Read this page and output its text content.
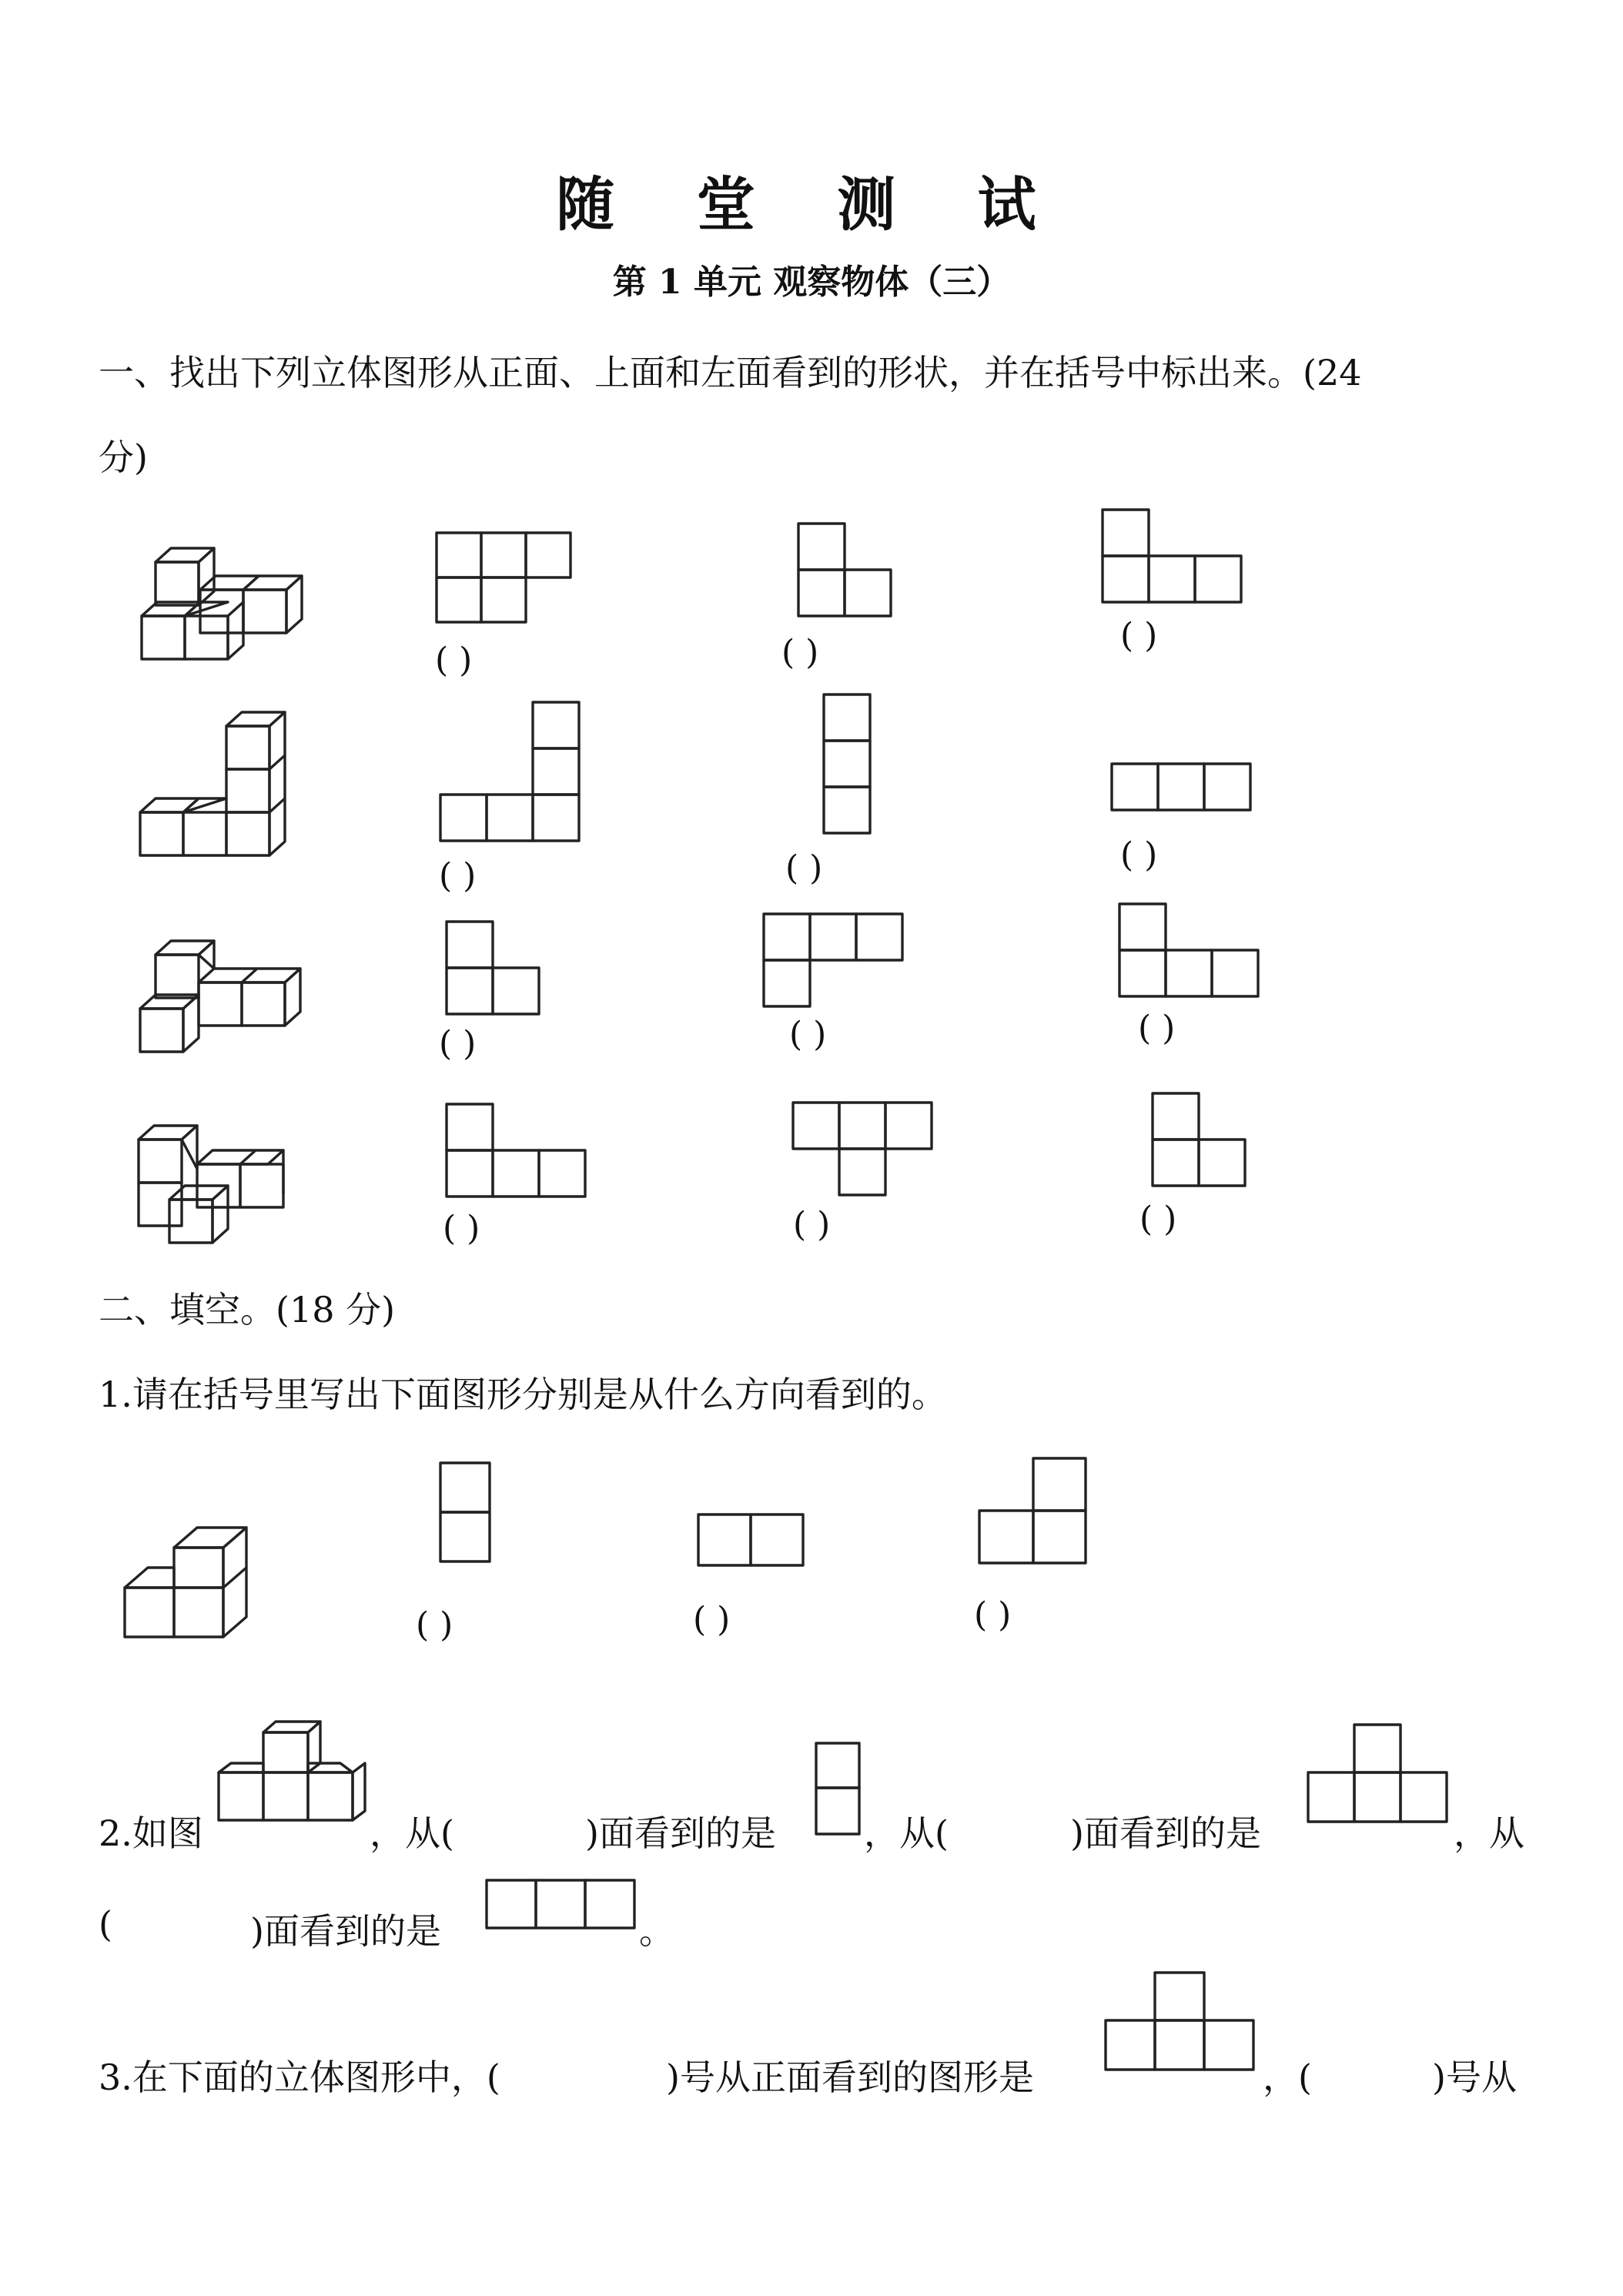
随 堂 测 试
第 1 单元 观察物体（三）
一、找出下列立体图形从正面、上面和左面看到的形状，并在括号中标出来。(24
分)
( )	( )	( )
( )	( )	( )
( )	( )	( )
( )	( )	( )
二、填空。(18 分)
1.请在括号里写出下面图形分别是从什么方向看到的。
( )	( )	( )
2.如图	，从(	)面看到的是 ，从(	)面看到的是	，从
(	)面看到的是	。
3.在下面的立体图形中，(	)号从正面看到的图形是	，(	)号从
